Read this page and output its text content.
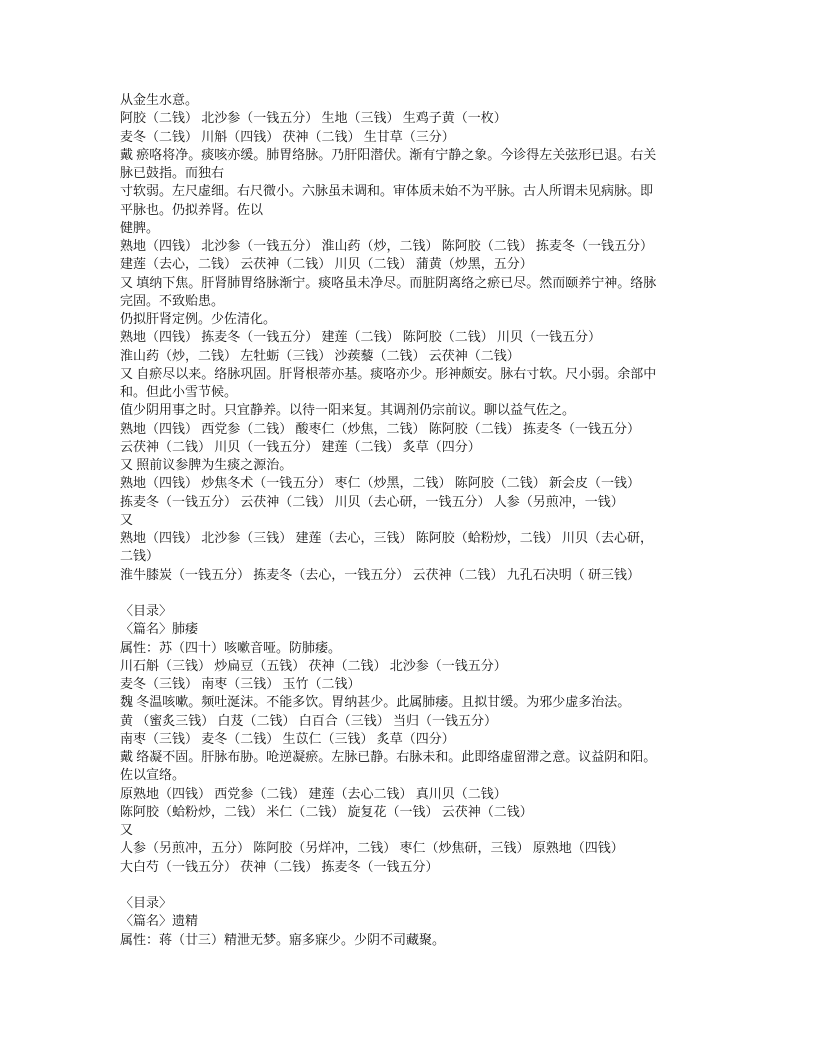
从金生水意。
阿胶（二钱） 北沙参（一钱五分） 生地（三钱） 生鸡子黄（一枚）
麦冬（二钱） 川斛（四钱） 茯神（二钱） 生甘草（三分）
戴 瘀咯将净。痰咳亦缓。肺胃络脉。乃肝阳潜伏。渐有宁静之象。今诊得左关弦形已退。右关
脉已鼓指。而独右
寸软弱。左尺虚细。右尺微小。六脉虽未调和。审体质未始不为平脉。古人所谓未见病脉。即
平脉也。仍拟养肾。佐以
健脾。
熟地（四钱） 北沙参（一钱五分） 淮山药（炒，二钱） 陈阿胶（二钱） 拣麦冬（一钱五分）
建莲（去心，二钱） 云茯神（二钱） 川贝（二钱） 蒲黄（炒黑，五分）
又 填纳下焦。肝肾肺胃络脉渐宁。痰咯虽未净尽。而脏阴离络之瘀已尽。然而颐养宁神。络脉
完固。不致贻患。
仍拟肝肾定例。少佐清化。
熟地（四钱） 拣麦冬（一钱五分） 建莲（二钱） 陈阿胶（二钱） 川贝（一钱五分）
淮山药（炒，二钱） 左牡蛎（三钱） 沙蒺藜（二钱） 云茯神（二钱）
又 自瘀尽以来。络脉巩固。肝肾根蒂亦基。痰咯亦少。形神颇安。脉右寸软。尺小弱。余部中
和。但此小雪节候。
值少阴用事之时。只宜静养。以待一阳来复。其调剂仍宗前议。聊以益气佐之。
熟地（四钱） 西党参（二钱） 酸枣仁（炒焦，二钱） 陈阿胶（二钱） 拣麦冬（一钱五分）
云茯神（二钱） 川贝（一钱五分） 建莲（二钱） 炙草（四分）
又 照前议参脾为生痰之源治。
熟地（四钱） 炒焦冬术（一钱五分） 枣仁（炒黑，二钱） 陈阿胶（二钱） 新会皮（一钱）
拣麦冬（一钱五分） 云茯神（二钱） 川贝（去心研，一钱五分） 人参（另煎冲，一钱）
又
熟地（四钱） 北沙参（三钱） 建莲（去心，三钱） 陈阿胶（蛤粉炒，二钱） 川贝（去心研，
二钱）
淮牛膝炭（一钱五分） 拣麦冬（去心，一钱五分） 云茯神（二钱） 九孔石决明（ 研三钱）
〈目录〉
〈篇名〉肺痿
属性：苏（四十）咳嗽音哑。防肺痿。
川石斛（三钱） 炒扁豆（五钱） 茯神（二钱） 北沙参（一钱五分）
麦冬（三钱） 南枣（三钱） 玉竹（二钱）
魏 冬温咳嗽。频吐涎沫。不能多饮。胃纳甚少。此属肺痿。且拟甘缓。为邪少虚多治法。
黄 （蜜炙三钱） 白芨（二钱） 白百合（三钱） 当归（一钱五分）
南枣（三钱） 麦冬（二钱） 生苡仁（三钱） 炙草（四分）
戴 络凝不固。肝脉布胁。呛逆凝瘀。左脉已静。右脉未和。此即络虚留滞之意。议益阴和阳。
佐以宣络。
原熟地（四钱） 西党参（二钱） 建莲（去心二钱） 真川贝（二钱）
陈阿胶（蛤粉炒，二钱） 米仁（二钱） 旋复花（一钱） 云茯神（二钱）
又
人参（另煎冲，五分） 陈阿胶（另烊冲，二钱） 枣仁（炒焦研，三钱） 原熟地（四钱）
大白芍（一钱五分） 茯神（二钱） 拣麦冬（一钱五分）
〈目录〉
〈篇名〉遗精
属性：蒋（廿三）精泄无梦。寤多寐少。少阴不司藏聚。
